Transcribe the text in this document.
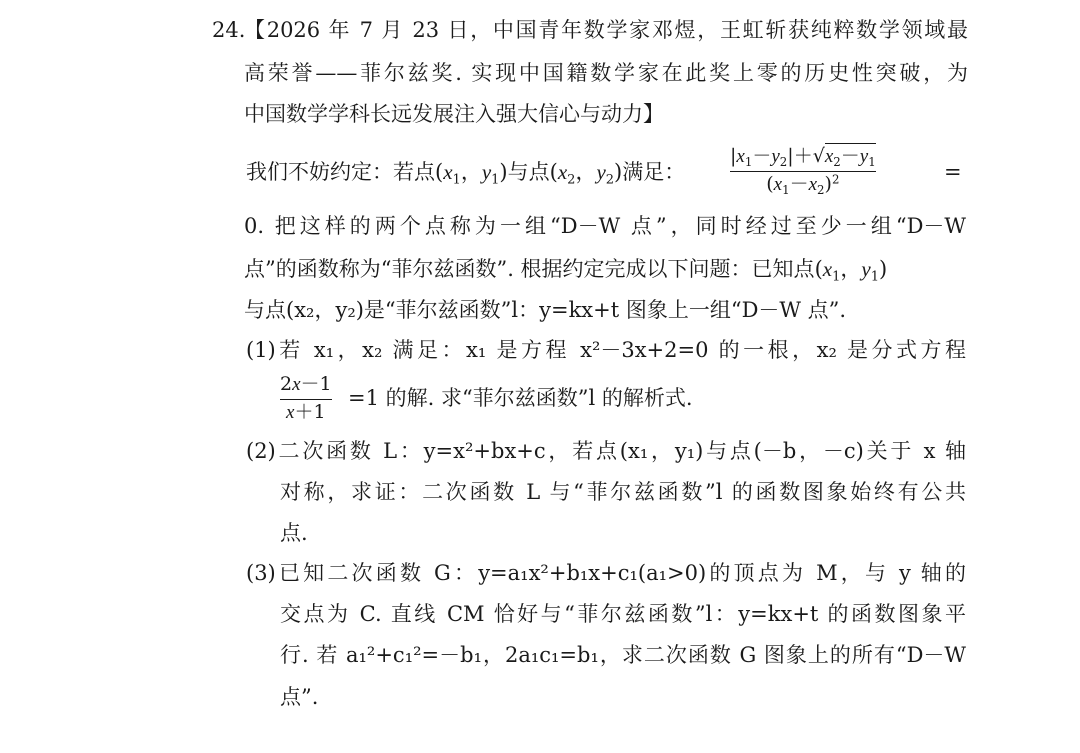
24.
【2026 年 7 月 23 日，中国青年数学家邓煜，王虹斩获纯粹数学领域最
高荣誉——菲尔兹奖. 实现中国籍数学家在此奖上零的历史性突破，为
中国数学学科长远发展注入强大信心与动力】
我们不妨约定：若点($x_1$，$y_1$)与点($x_2$，$y_2$)满足：
$|x_1-y_2|+√x_2-y_1$
$(x_1-x_2)^2$	=
0. 把这样的两个点称为一组“D－W 点”，同时经过至少一组“D－W
点”的函数称为“菲尔兹函数”. 根据约定完成以下问题：已知点($x_1$，$y_1$)
与点(x₂，y₂)是“菲尔兹函数”l：y=kx+t 图象上一组“D－W 点”.
(1)若 x₁，x₂ 满足：x₁ 是方程 x²－3x+2=0 的一根，x₂ 是分式方程
2x－1
x＋1
=1 的解. 求“菲尔兹函数”l 的解析式.
(2)二次函数 L：y=x²+bx+c，若点(x₁，y₁)与点(－b，－c)关于 x 轴
对称，求证：二次函数 L 与“菲尔兹函数”l 的函数图象始终有公共
点.
(3)已知二次函数 G：y=a₁x²+b₁x+c₁(a₁>0)的顶点为 M，与 y 轴的
交点为 C. 直线 CM 恰好与“菲尔兹函数”l：y=kx+t 的函数图象平
行. 若 a₁²+c₁²=－b₁，2a₁c₁=b₁，求二次函数 G 图象上的所有“D－W
点”.
